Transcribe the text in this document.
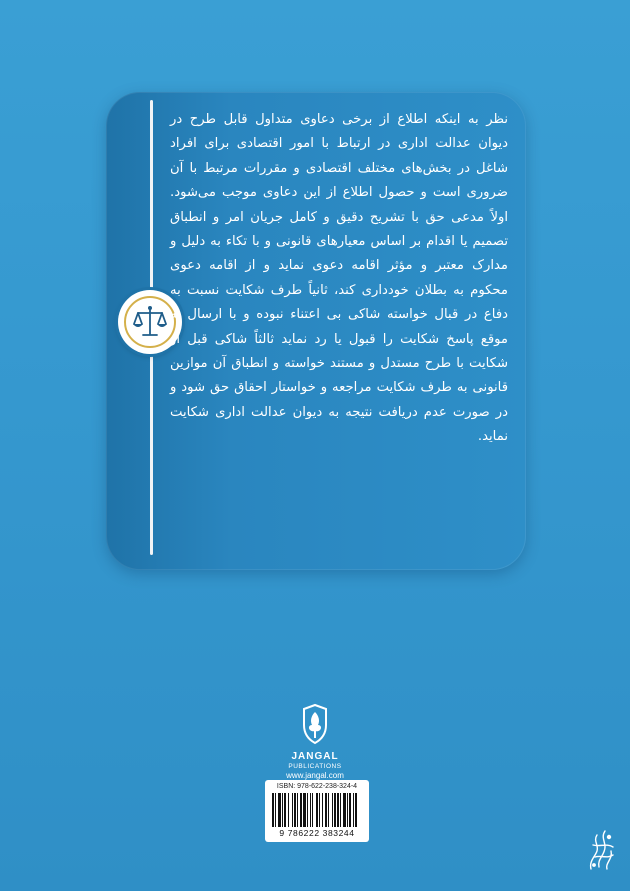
نظر به اینکه اطلاع از برخی دعاوی متداول قابل طرح در دیوان عدالت اداری در ارتباط با امور اقتصادی برای افراد شاغل در بخش‌های مختلف اقتصادی و مقررات مرتبط با آن ضروری است و حصول اطلاع از این دعاوی موجب می‌شود. اولاً مدعی حق با تشریح دقیق و کامل جریان امر و انطباق تصمیم یا اقدام بر اساس معیارهای قانونی و با تکاء به دلیل و مدارک معتبر و مؤثر اقامه دعوی نماید و از اقامه دعوی محکوم به بطلان خودداری کند، ثانیاً طرف شکایت نسبت به دفاع در قبال خواسته شاکی بی اعتناء نبوده و با ارسال به موقع پاسخ شکایت را قبول یا رد نماید ثالثاً شاکی قبل از شکایت با طرح مستدل و مستند خواسته و انطباق آن موازین قانونی به طرف شکایت مراجعه و خواستار احقاق حق شود و در صورت عدم دریافت نتیجه به دیوان عدالت اداری شکایت نماید.
JANGAL
PUBLICATIONS
www.jangal.com
ISBN: 978-622-238-324-4
9 786222 383244
